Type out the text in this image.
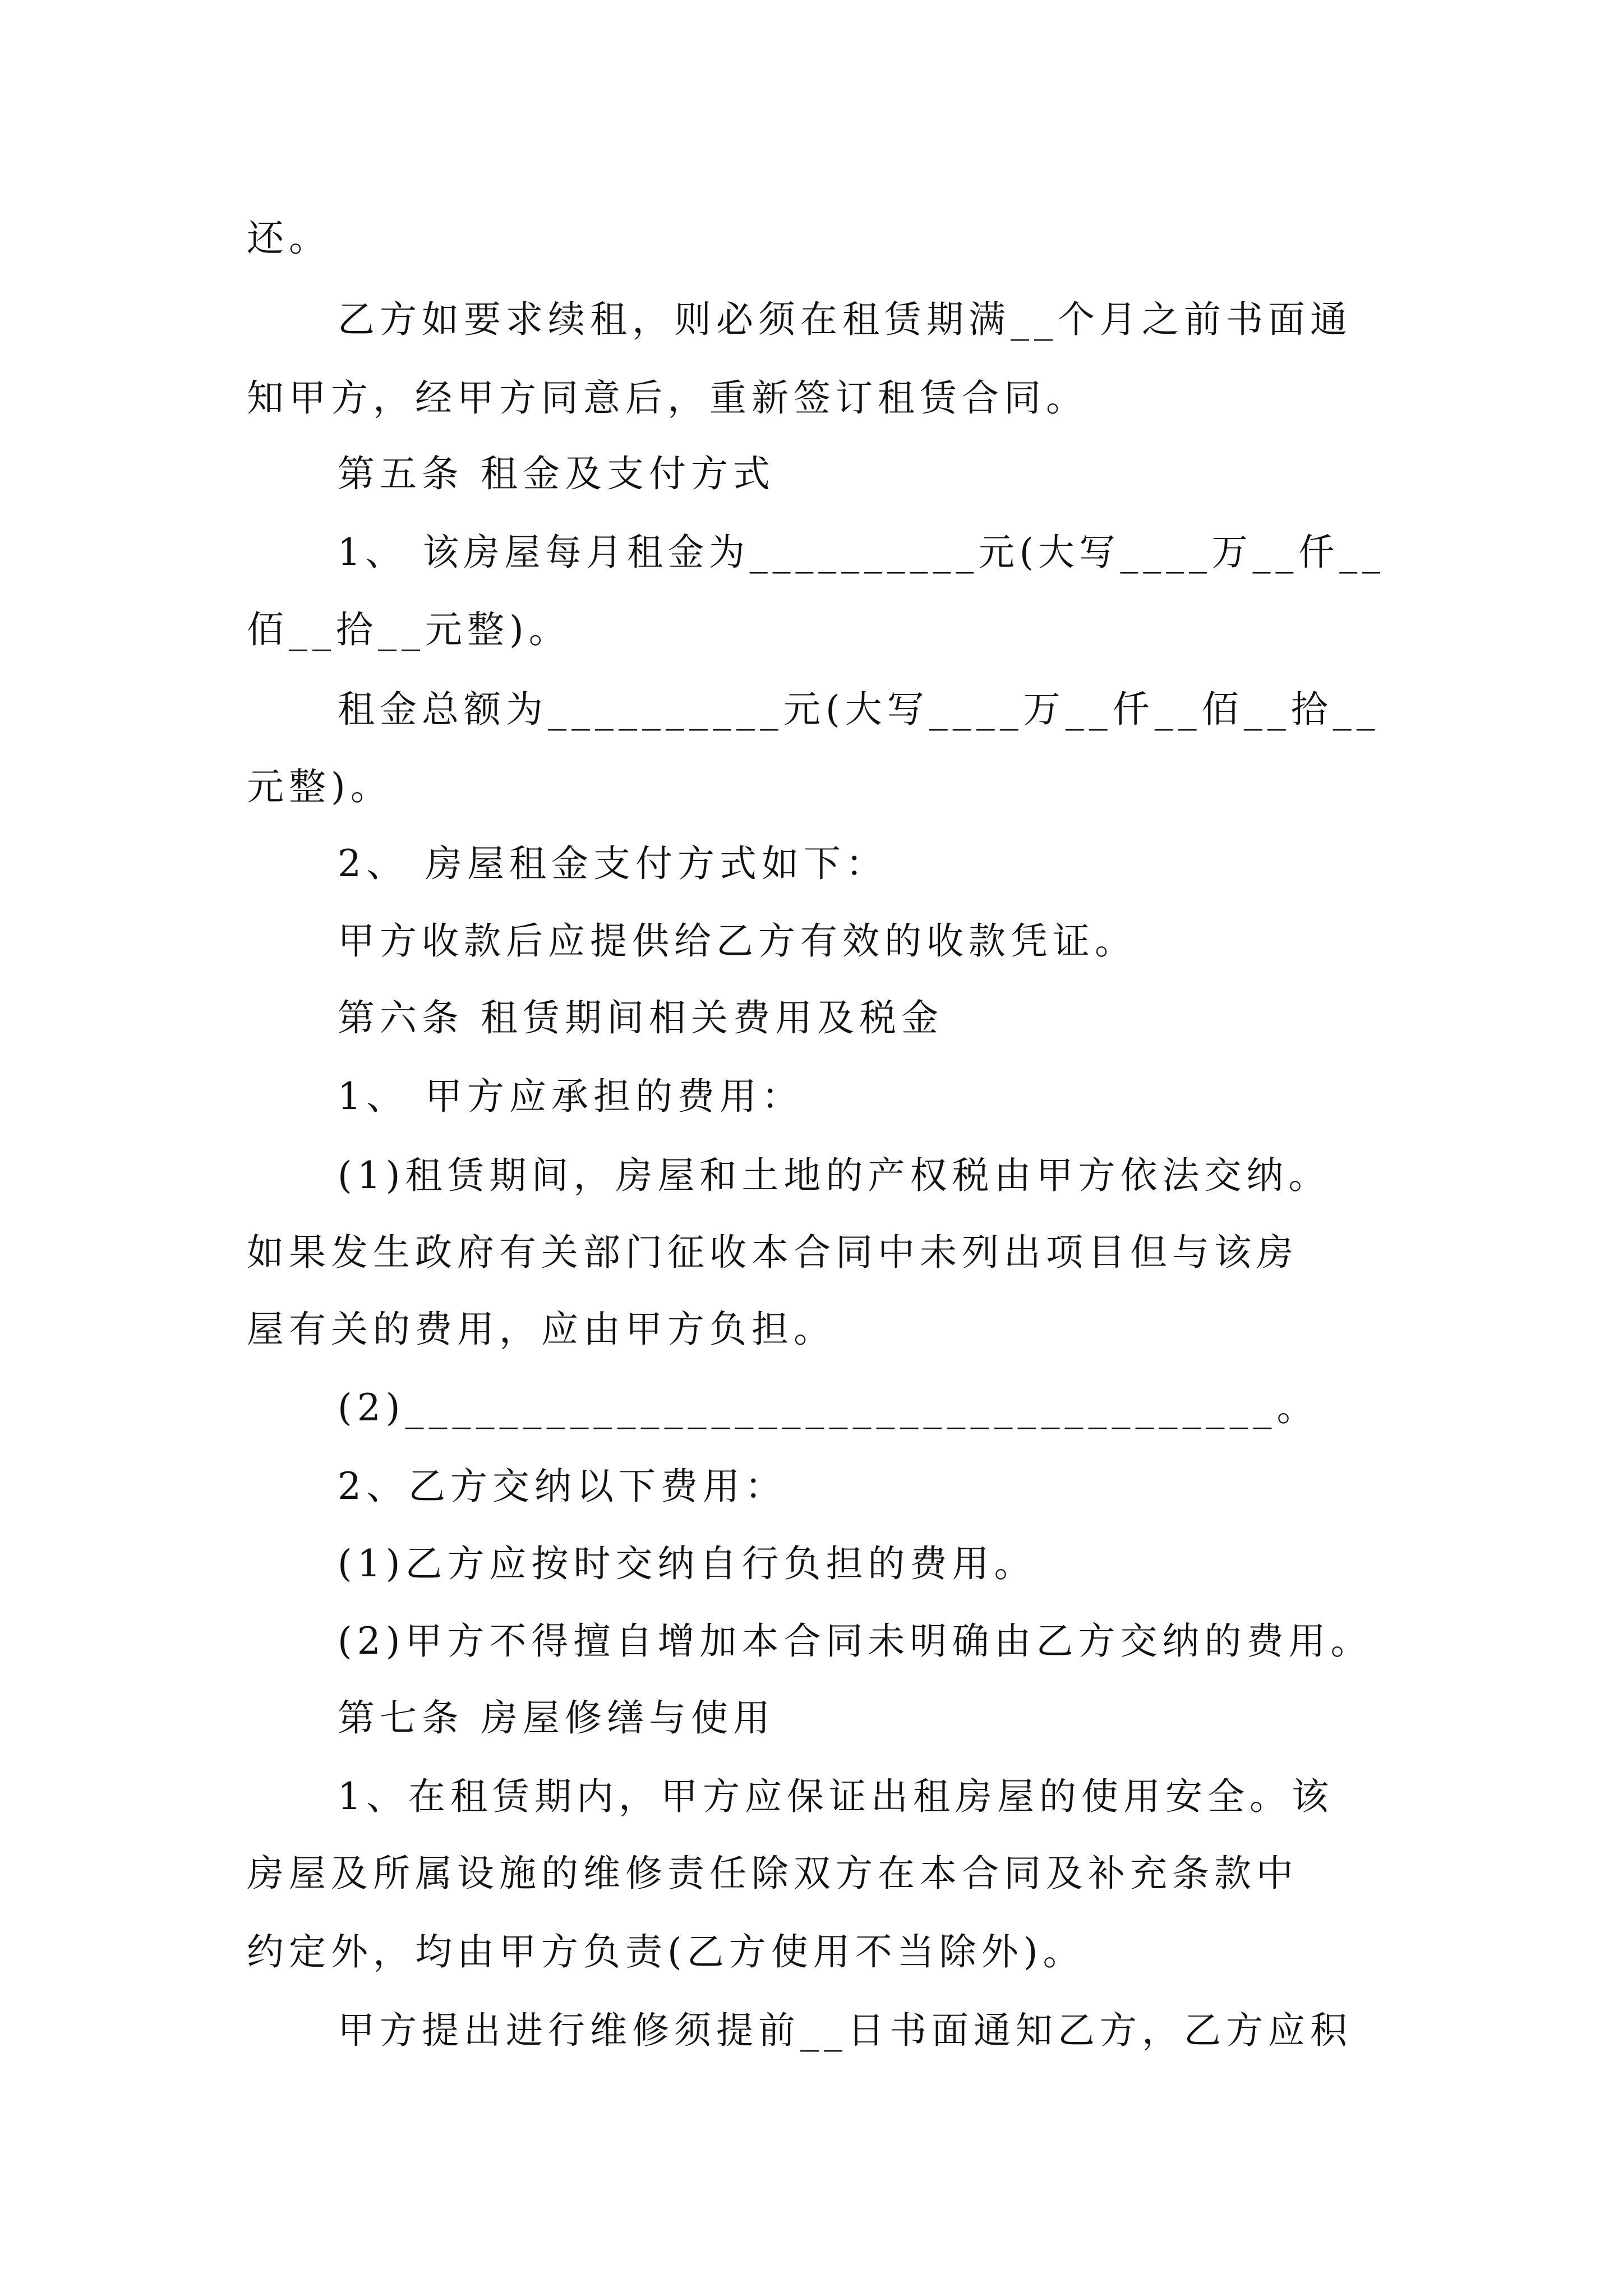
还。
乙方如要求续租，则必须在租赁期满__个月之前书面通
知甲方，经甲方同意后，重新签订租赁合同。
第五条 租金及支付方式
1、 该房屋每月租金为__________元(大写____万__仟__
佰__拾__元整)。
租金总额为__________元(大写____万__仟__佰__拾__
元整)。
2、 房屋租金支付方式如下：
甲方收款后应提供给乙方有效的收款凭证。
第六条 租赁期间相关费用及税金
1、 甲方应承担的费用：
(1)租赁期间，房屋和土地的产权税由甲方依法交纳。
如果发生政府有关部门征收本合同中未列出项目但与该房
屋有关的费用，应由甲方负担。
(2)_____________________________________。
2、乙方交纳以下费用：
(1)乙方应按时交纳自行负担的费用。
(2)甲方不得擅自增加本合同未明确由乙方交纳的费用。
第七条 房屋修缮与使用
1、在租赁期内，甲方应保证出租房屋的使用安全。该
房屋及所属设施的维修责任除双方在本合同及补充条款中
约定外，均由甲方负责(乙方使用不当除外)。
甲方提出进行维修须提前__日书面通知乙方，乙方应积
